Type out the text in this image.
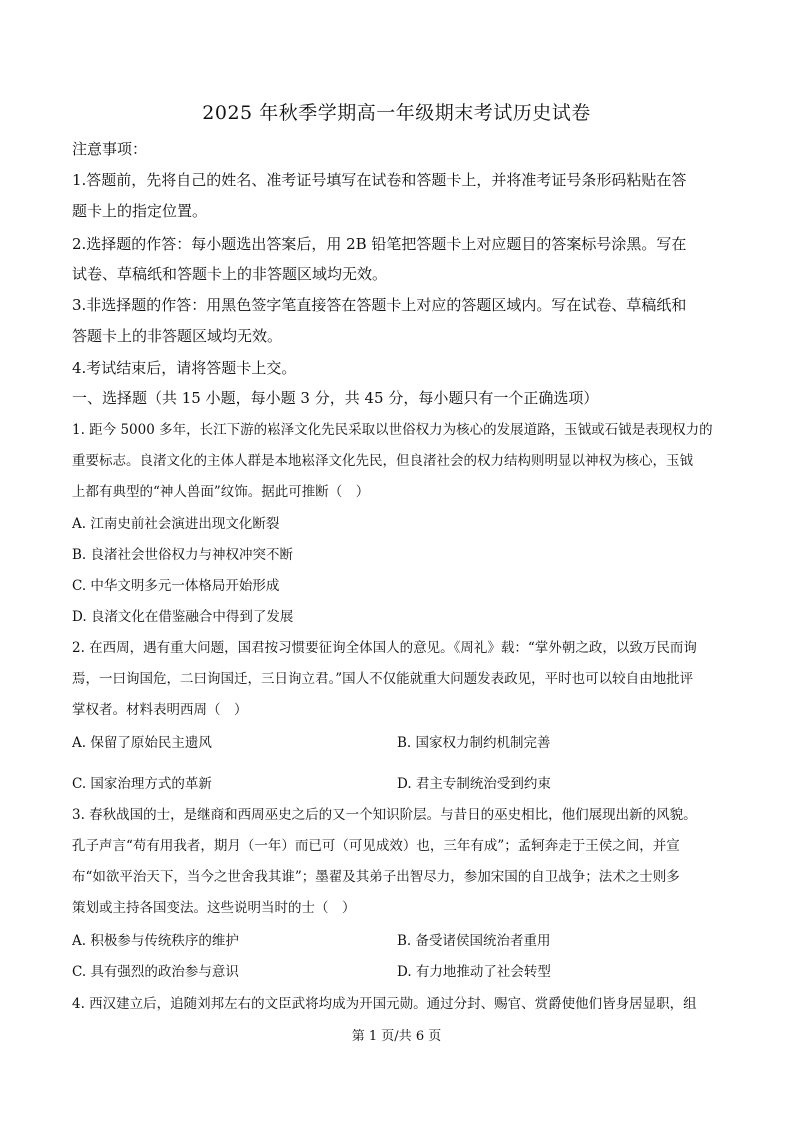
2025 年秋季学期高一年级期末考试历史试卷
注意事项：
1.答题前，先将自己的姓名、准考证号填写在试卷和答题卡上，并将准考证号条形码粘贴在答
题卡上的指定位置。
2.选择题的作答：每小题选出答案后，用 2B 铅笔把答题卡上对应题目的答案标号涂黑。写在
试卷、草稿纸和答题卡上的非答题区域均无效。
3.非选择题的作答：用黑色签字笔直接答在答题卡上对应的答题区域内。写在试卷、草稿纸和
答题卡上的非答题区域均无效。
4.考试结束后，请将答题卡上交。
一、选择题（共 15 小题，每小题 3 分，共 45 分，每小题只有一个正确选项）
1. 距今 5000 多年，长江下游的崧泽文化先民采取以世俗权力为核心的发展道路，玉钺或石钺是表现权力的
重要标志。良渚文化的主体人群是本地崧泽文化先民，但良渚社会的权力结构则明显以神权为核心，玉钺
上都有典型的“神人兽面”纹饰。据此可推断（　）
A. 江南史前社会演进出现文化断裂
B. 良渚社会世俗权力与神权冲突不断
C. 中华文明多元一体格局开始形成
D. 良渚文化在借鉴融合中得到了发展
2. 在西周，遇有重大问题，国君按习惯要征询全体国人的意见。《周礼》载：“掌外朝之政，以致万民而询
焉，一曰询国危，二曰询国迁，三日询立君。”国人不仅能就重大问题发表政见，平时也可以较自由地批评
掌权者。材料表明西周（　）
A. 保留了原始民主遗风	B. 国家权力制约机制完善
C. 国家治理方式的革新	D. 君主专制统治受到约束
3. 春秋战国的士，是继商和西周巫史之后的又一个知识阶层。与昔日的巫史相比，他们展现出新的风貌。
孔子声言“苟有用我者，期月（一年）而已可（可见成效）也，三年有成”；孟轲奔走于王侯之间，并宣
布“如欲平治天下，当今之世舍我其谁”；墨翟及其弟子出智尽力，参加宋国的自卫战争；法术之士则多
策划或主持各国变法。这些说明当时的士（　）
A. 积极参与传统秩序的维护	B. 备受诸侯国统治者重用
C. 具有强烈的政治参与意识	D. 有力地推动了社会转型
4. 西汉建立后，追随刘邦左右的文臣武将均成为开国元勋。通过分封、赐官、赏爵使他们皆身居显职，组
第 1 页/共 6 页
